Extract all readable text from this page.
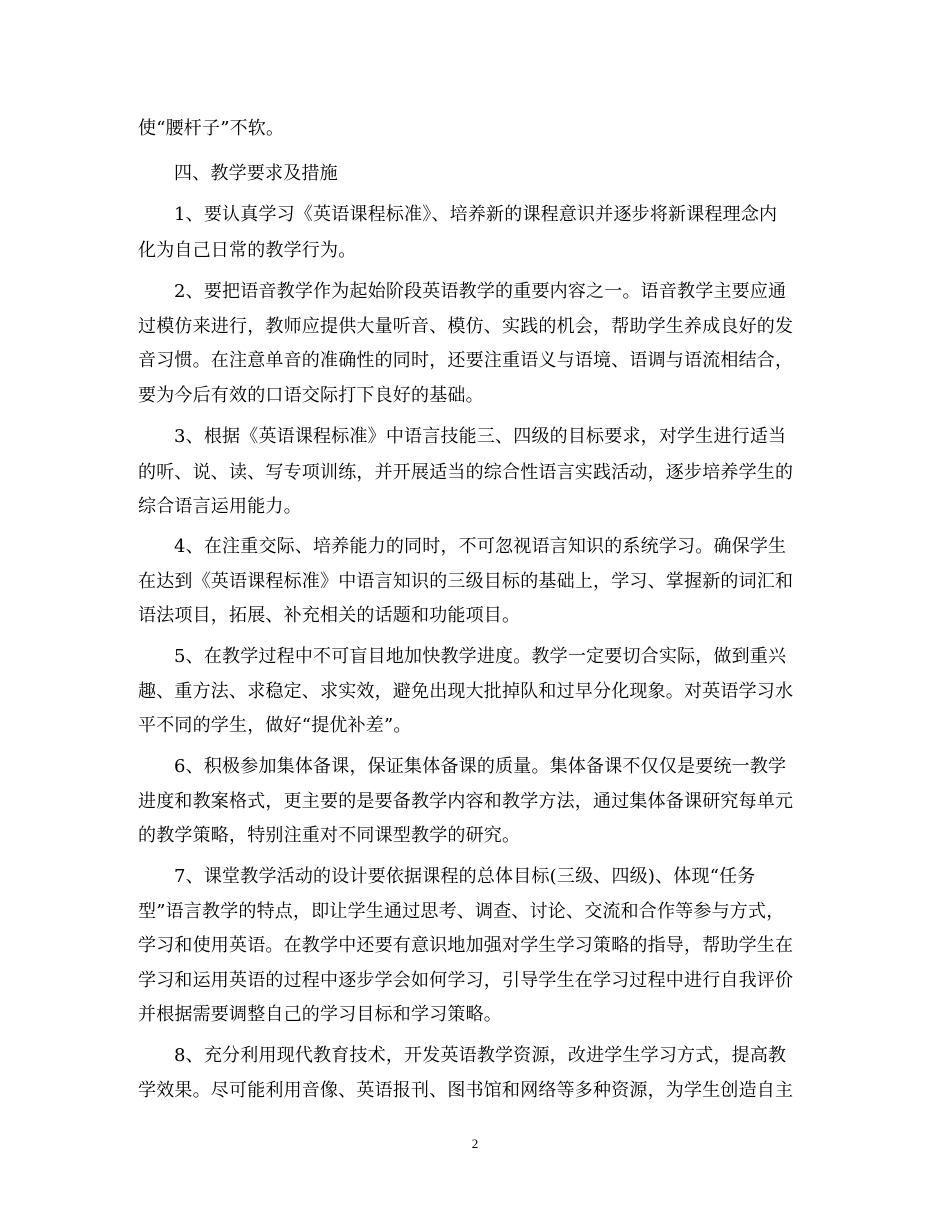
使“腰杆子”不软。
四、教学要求及措施
1、要认真学习《英语课程标准》、培养新的课程意识并逐步将新课程理念内
化为自己日常的教学行为。
2、要把语音教学作为起始阶段英语教学的重要内容之一。语音教学主要应通
过模仿来进行，教师应提供大量听音、模仿、实践的机会，帮助学生养成良好的发
音习惯。在注意单音的准确性的同时，还要注重语义与语境、语调与语流相结合，
要为今后有效的口语交际打下良好的基础。
3、根据《英语课程标准》中语言技能三、四级的目标要求，对学生进行适当
的听、说、读、写专项训练，并开展适当的综合性语言实践活动，逐步培养学生的
综合语言运用能力。
4、在注重交际、培养能力的同时，不可忽视语言知识的系统学习。确保学生
在达到《英语课程标准》中语言知识的三级目标的基础上，学习、掌握新的词汇和
语法项目，拓展、补充相关的话题和功能项目。
5、在教学过程中不可盲目地加快教学进度。教学一定要切合实际，做到重兴
趣、重方法、求稳定、求实效，避免出现大批掉队和过早分化现象。对英语学习水
平不同的学生，做好“提优补差”。
6、积极参加集体备课，保证集体备课的质量。集体备课不仅仅是要统一教学
进度和教案格式，更主要的是要备教学内容和教学方法，通过集体备课研究每单元
的教学策略，特别注重对不同课型教学的研究。
7、课堂教学活动的设计要依据课程的总体目标(三级、四级)、体现“任务
型”语言教学的特点，即让学生通过思考、调查、讨论、交流和合作等参与方式，
学习和使用英语。在教学中还要有意识地加强对学生学习策略的指导，帮助学生在
学习和运用英语的过程中逐步学会如何学习，引导学生在学习过程中进行自我评价
并根据需要调整自己的学习目标和学习策略。
8、充分利用现代教育技术，开发英语教学资源，改进学生学习方式，提高教
学效果。尽可能利用音像、英语报刊、图书馆和网络等多种资源，为学生创造自主
2
